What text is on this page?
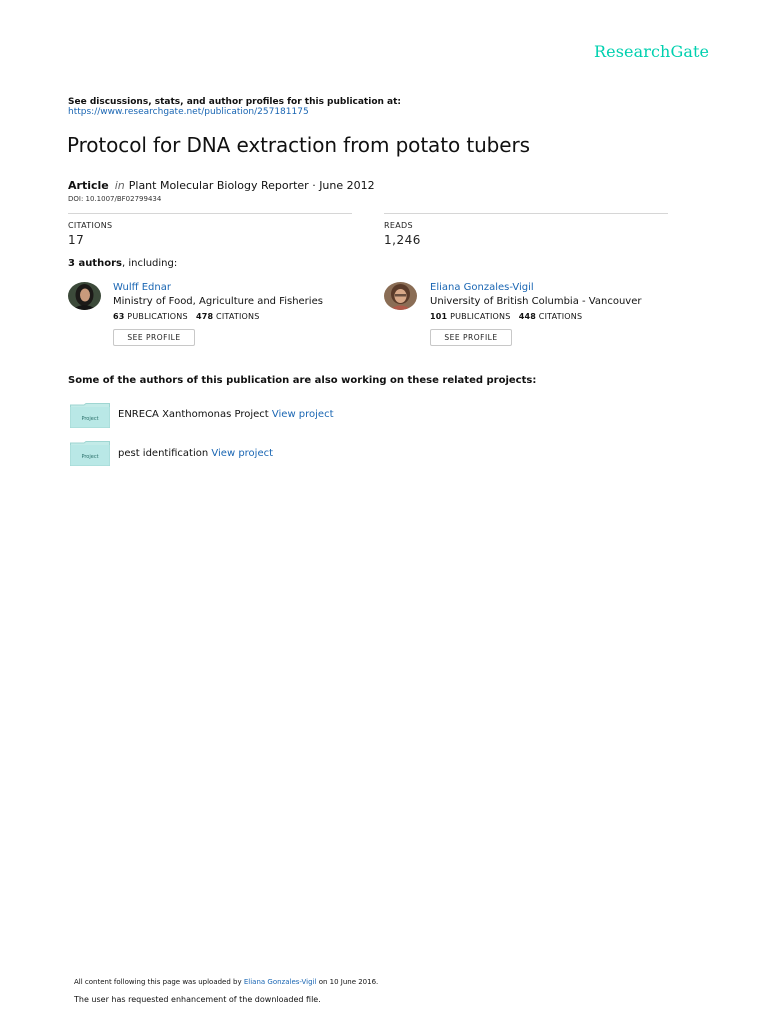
ResearchGate
See discussions, stats, and author profiles for this publication at:
https://www.researchgate.net/publication/257181175
Protocol for DNA extraction from potato tubers
Article in Plant Molecular Biology Reporter · June 2012
DOI: 10.1007/BF02799434
CITATIONS
17
READS
1,246
3 authors, including:
Wulff Ednar
Ministry of Food, Agriculture and Fisheries
63 PUBLICATIONS 478 CITATIONS
SEE PROFILE
Eliana Gonzales-Vigil
University of British Columbia - Vancouver
101 PUBLICATIONS 448 CITATIONS
SEE PROFILE
Some of the authors of this publication are also working on these related projects:
Project ENRECA Xanthomonas Project View project
Project pest identification View project
All content following this page was uploaded by Eliana Gonzales-Vigil on 10 June 2016.
The user has requested enhancement of the downloaded file.
